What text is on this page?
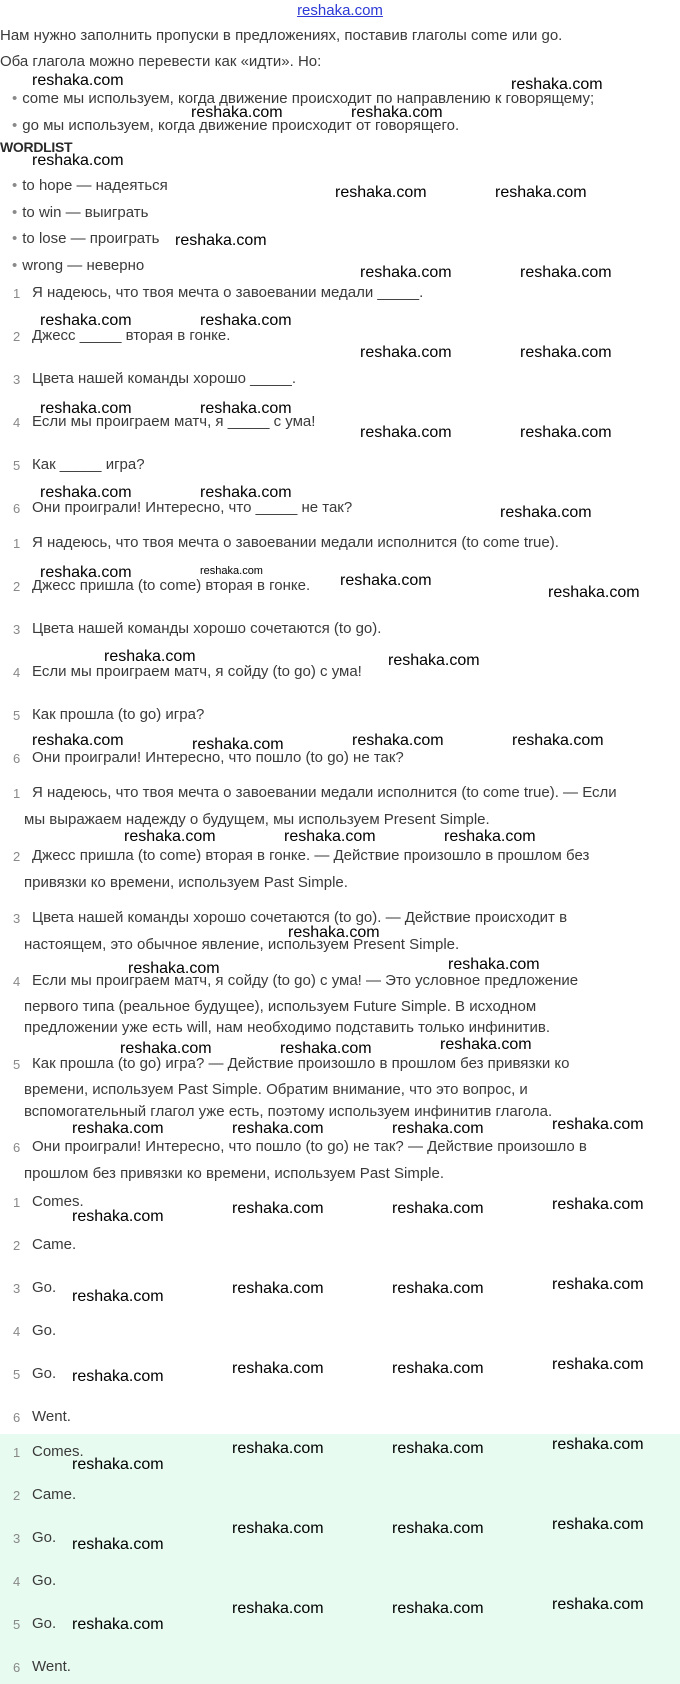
reshaka.com
Нам нужно заполнить пропуски в предложениях, поставив глаголы come или go.
Оба глагола можно перевести как «идти». Но:
• come мы используем, когда движение происходит по направлению к говорящему;
• go мы используем, когда движение происходит от говорящего.
WORDLIST
• to hope — надеяться
• to win — выиграть
• to lose — проиграть
• wrong — неверно
1 Я надеюсь, что твоя мечта о завоевании медали _____.
2 Джесс _____ вторая в гонке.
3 Цвета нашей команды хорошо _____.
4 Если мы проиграем матч, я _____ с ума!
5 Как _____ игра?
6 Они проиграли! Интересно, что _____ не так?
1 Я надеюсь, что твоя мечта о завоевании медали исполнится (to come true).
2 Джесс пришла (to come) вторая в гонке.
3 Цвета нашей команды хорошо сочетаются (to go).
4 Если мы проиграем матч, я сойду (to go) с ума!
5 Как прошла (to go) игра?
6 Они проиграли! Интересно, что пошло (to go) не так?
1 Я надеюсь, что твоя мечта о завоевании медали исполнится (to come true). — Если
мы выражаем надежду о будущем, мы используем Present Simple.
2 Джесс пришла (to come) вторая в гонке. — Действие произошло в прошлом без
привязки ко времени, используем Past Simple.
3 Цвета нашей команды хорошо сочетаются (to go). — Действие происходит в
настоящем, это обычное явление, используем Present Simple.
4 Если мы проиграем матч, я сойду (to go) с ума! — Это условное предложение
первого типа (реальное будущее), используем Future Simple. В исходном
предложении уже есть will, нам необходимо подставить только инфинитив.
5 Как прошла (to go) игра? — Действие произошло в прошлом без привязки ко
времени, используем Past Simple. Обратим внимание, что это вопрос, и
вспомогательный глагол уже есть, поэтому используем инфинитив глагола.
6 Они проиграли! Интересно, что пошло (to go) не так? — Действие произошло в
прошлом без привязки ко времени, используем Past Simple.
1 Comes.
2 Came.
3 Go.
4 Go.
5 Go.
6 Went.
1 Comes.
2 Came.
3 Go.
4 Go.
5 Go.
6 Went.
reshaka.com	reshaka.com
reshaka.com	reshaka.com
reshaka.com
reshaka.com	reshaka.com
reshaka.com
reshaka.com	reshaka.com
reshaka.com	reshaka.com
reshaka.com	reshaka.com
reshaka.com	reshaka.com
reshaka.com	reshaka.com
reshaka.com	reshaka.com
reshaka.com
reshaka.com	reshaka.com
reshaka.com
reshaka.com
reshaka.com	reshaka.com
reshaka.com	reshaka.com	reshaka.com	reshaka.com
reshaka.com	reshaka.com	reshaka.com
reshaka.com
reshaka.com	reshaka.com
reshaka.com	reshaka.com	reshaka.com
reshaka.com	reshaka.com	reshaka.com	reshaka.com
reshaka.com	reshaka.com	reshaka.com	reshaka.com
reshaka.com	reshaka.com	reshaka.com	reshaka.com
reshaka.com	reshaka.com	reshaka.com	reshaka.com
reshaka.com
reshaka.com	reshaka.com	reshaka.com
reshaka.com
reshaka.com	reshaka.com	reshaka.com
reshaka.com
reshaka.com	reshaka.com	reshaka.com
